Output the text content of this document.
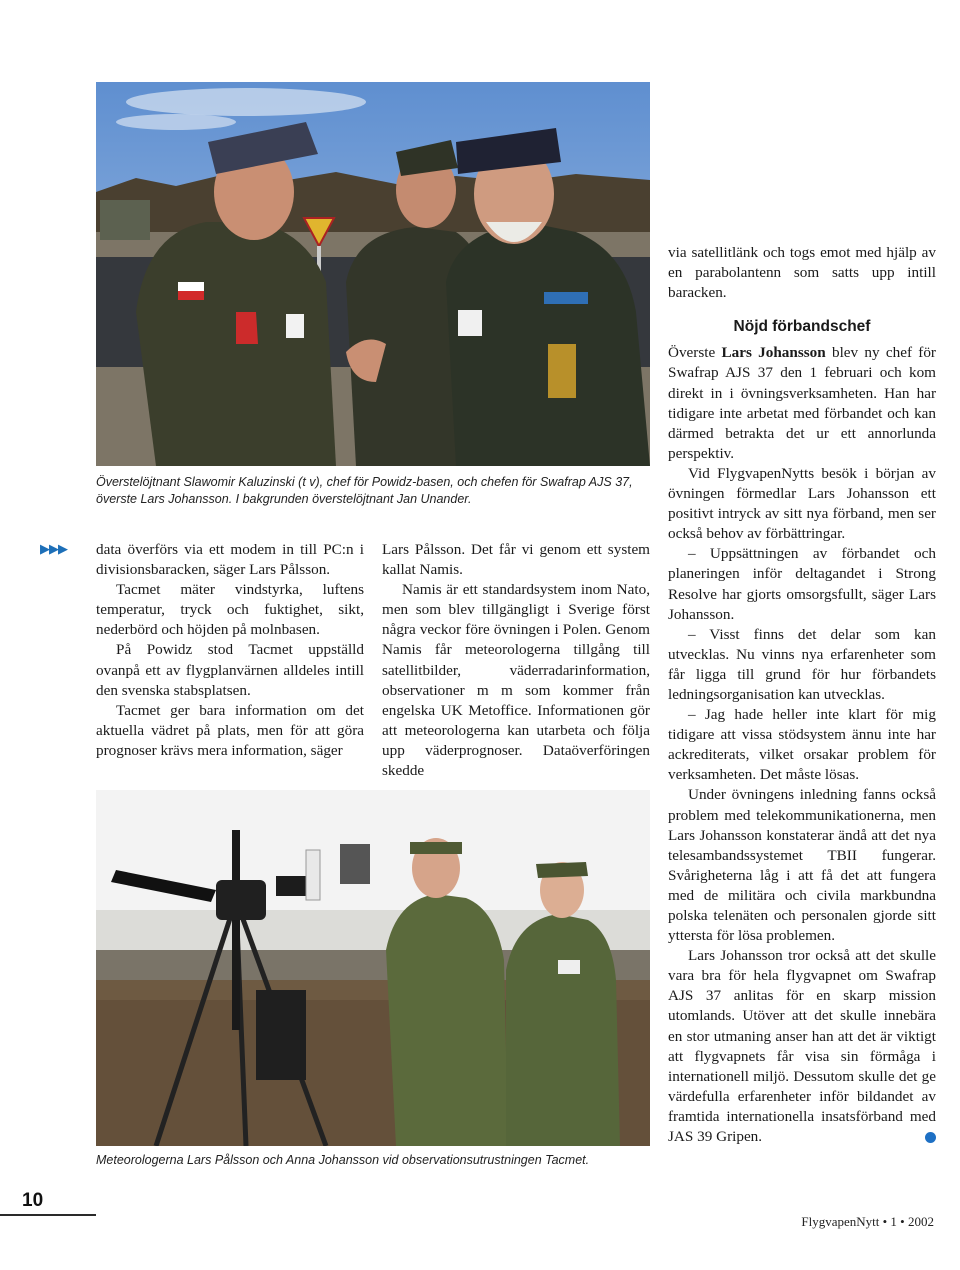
Överstelöjtnant Slawomir Kaluzinski (t v), chef för Powidz-basen, och chefen för Swafrap AJS 37, överste Lars Johansson. I bakgrunden överstelöjtnant Jan Unander.
▶▶▶ data överförs via ett modem in till PC:n i divisionsbaracken, säger Lars Pålsson.

Tacmet mäter vindstyrka, luftens temperatur, tryck och fuktighet, sikt, nederbörd och höjden på molnbasen.

På Powidz stod Tacmet uppställd ovanpå ett av flygplanvärnen alldeles intill den svenska stabsplatsen.

Tacmet ger bara information om det aktuella vädret på plats, men för att göra prognoser krävs mera information, säger

Lars Pålsson. Det får vi genom ett system kallat Namis.

Namis är ett standardsystem inom Nato, men som blev tillgängligt i Sverige först några veckor före övningen i Polen. Genom Namis får meteorologerna tillgång till satellitbilder, väderradarinformation, observationer m m som kommer från engelska UK Metoffice. Informationen gör att meteorologerna kan utarbeta och följa upp väderprognoser. Dataöverföringen skedde

Meteorologerna Lars Pålsson och Anna Johansson vid observationsutrustningen Tacmet.

via satellitlänk och togs emot med hjälp av en parabolantenn som satts upp intill baracken.

Nöjd förbandschef

Överste Lars Johansson blev ny chef för Swafrap AJS 37 den 1 februari och kom direkt in i övningsverksamheten. Han har tidigare inte arbetat med förbandet och kan därmed betrakta det ur ett annorlunda perspektiv.

Vid FlygvapenNytts besök i början av övningen förmedlar Lars Johansson ett positivt intryck av sitt nya förband, men ser också behov av förbättringar.

– Uppsättningen av förbandet och planeringen inför deltagandet i Strong Resolve har gjorts omsorgsfullt, säger Lars Johansson.

– Visst finns det delar som kan utvecklas. Nu vinns nya erfarenheter som får ligga till grund för hur förbandets ledningsorganisation kan utvecklas.

– Jag hade heller inte klart för mig tidigare att vissa stödsystem ännu inte har ackrediterats, vilket orsakar problem för verksamheten. Det måste lösas.

Under övningens inledning fanns också problem med telekommunikationerna, men Lars Johansson konstaterar ändå att det nya telesambandssystemet TBII fungerar. Svårigheterna låg i att få det att fungera med de militära och civila markbundna polska telenäten och personalen gjorde sitt yttersta för lösa problemen.

Lars Johansson tror också att det skulle vara bra för hela flygvapnet om Swafrap AJS 37 anlitas för en skarp mission utomlands. Utöver att det skulle innebära en stor utmaning anser han att det är viktigt att flygvapnets får visa sin förmåga i internationell miljö. Dessutom skulle det ge värdefulla erfarenheter inför bildandet av framtida internationella insatsförband med JAS 39 Gripen.

10
FlygvapenNytt • 1 • 2002
